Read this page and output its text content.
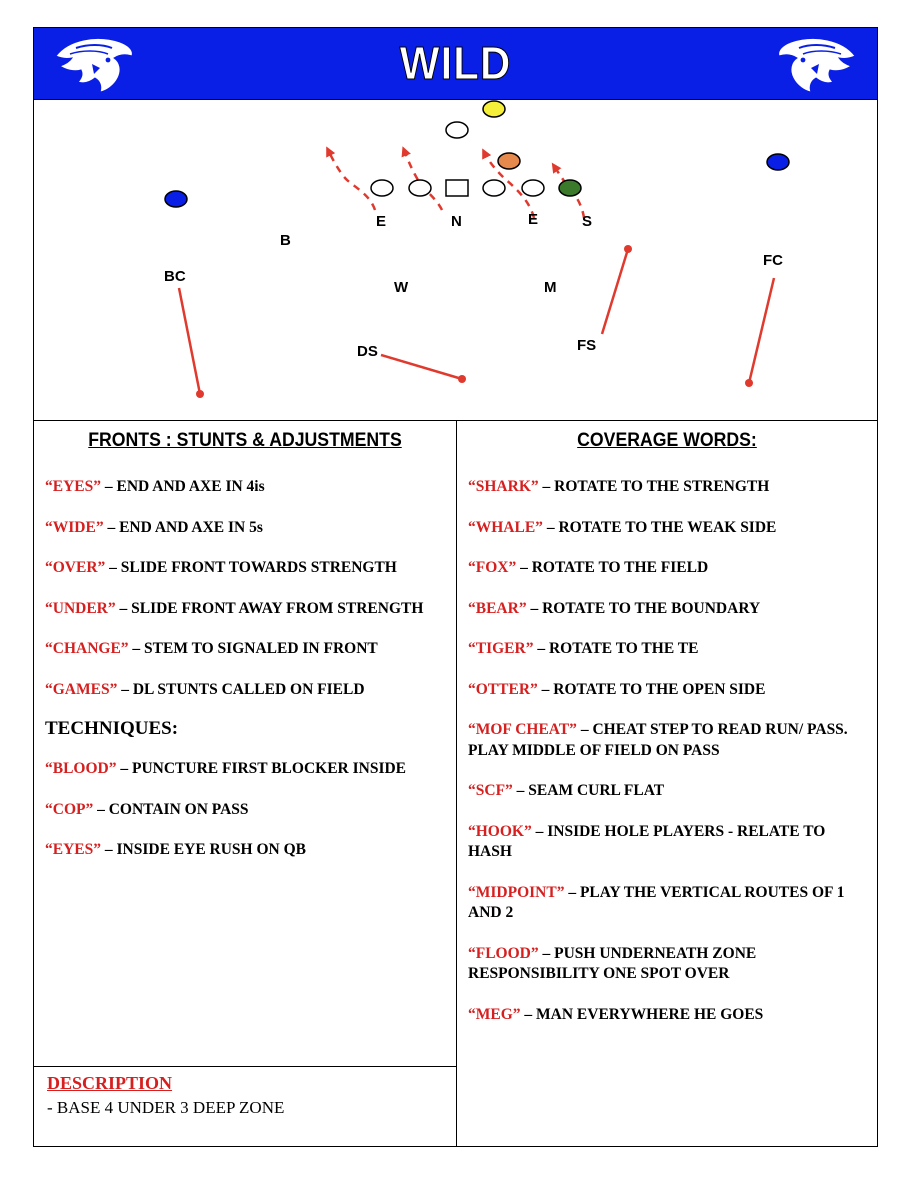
WILD
E	N	E	S
B
BC
W	M
FC
DS	FS
FRONTS : STUNTS & ADJUSTMENTS
“EYES” – END AND AXE IN 4is
“WIDE” – END AND AXE IN 5s
“OVER” – SLIDE FRONT TOWARDS STRENGTH
“UNDER” – SLIDE FRONT AWAY FROM STRENGTH
“CHANGE” – STEM TO SIGNALED IN FRONT
“GAMES” – DL STUNTS CALLED ON FIELD
TECHNIQUES:
“BLOOD” – PUNCTURE FIRST BLOCKER INSIDE
“COP” – CONTAIN ON PASS
“EYES” – INSIDE EYE RUSH ON QB
DESCRIPTION
- BASE 4 UNDER 3 DEEP ZONE
COVERAGE WORDS:
“SHARK” – ROTATE TO THE STRENGTH
“WHALE” – ROTATE TO THE WEAK SIDE
“FOX” – ROTATE TO THE FIELD
“BEAR” – ROTATE TO THE BOUNDARY
“TIGER” – ROTATE TO THE TE
“OTTER” – ROTATE TO THE OPEN SIDE
“MOF CHEAT” – CHEAT STEP TO READ RUN/ PASS. PLAY MIDDLE OF FIELD ON PASS
“SCF” – SEAM CURL FLAT
“HOOK” – INSIDE HOLE PLAYERS - RELATE TO HASH
“MIDPOINT” – PLAY THE VERTICAL ROUTES OF 1 AND 2
“FLOOD” – PUSH UNDERNEATH ZONE RESPONSIBILITY ONE SPOT OVER
“MEG” – MAN EVERYWHERE HE GOES
